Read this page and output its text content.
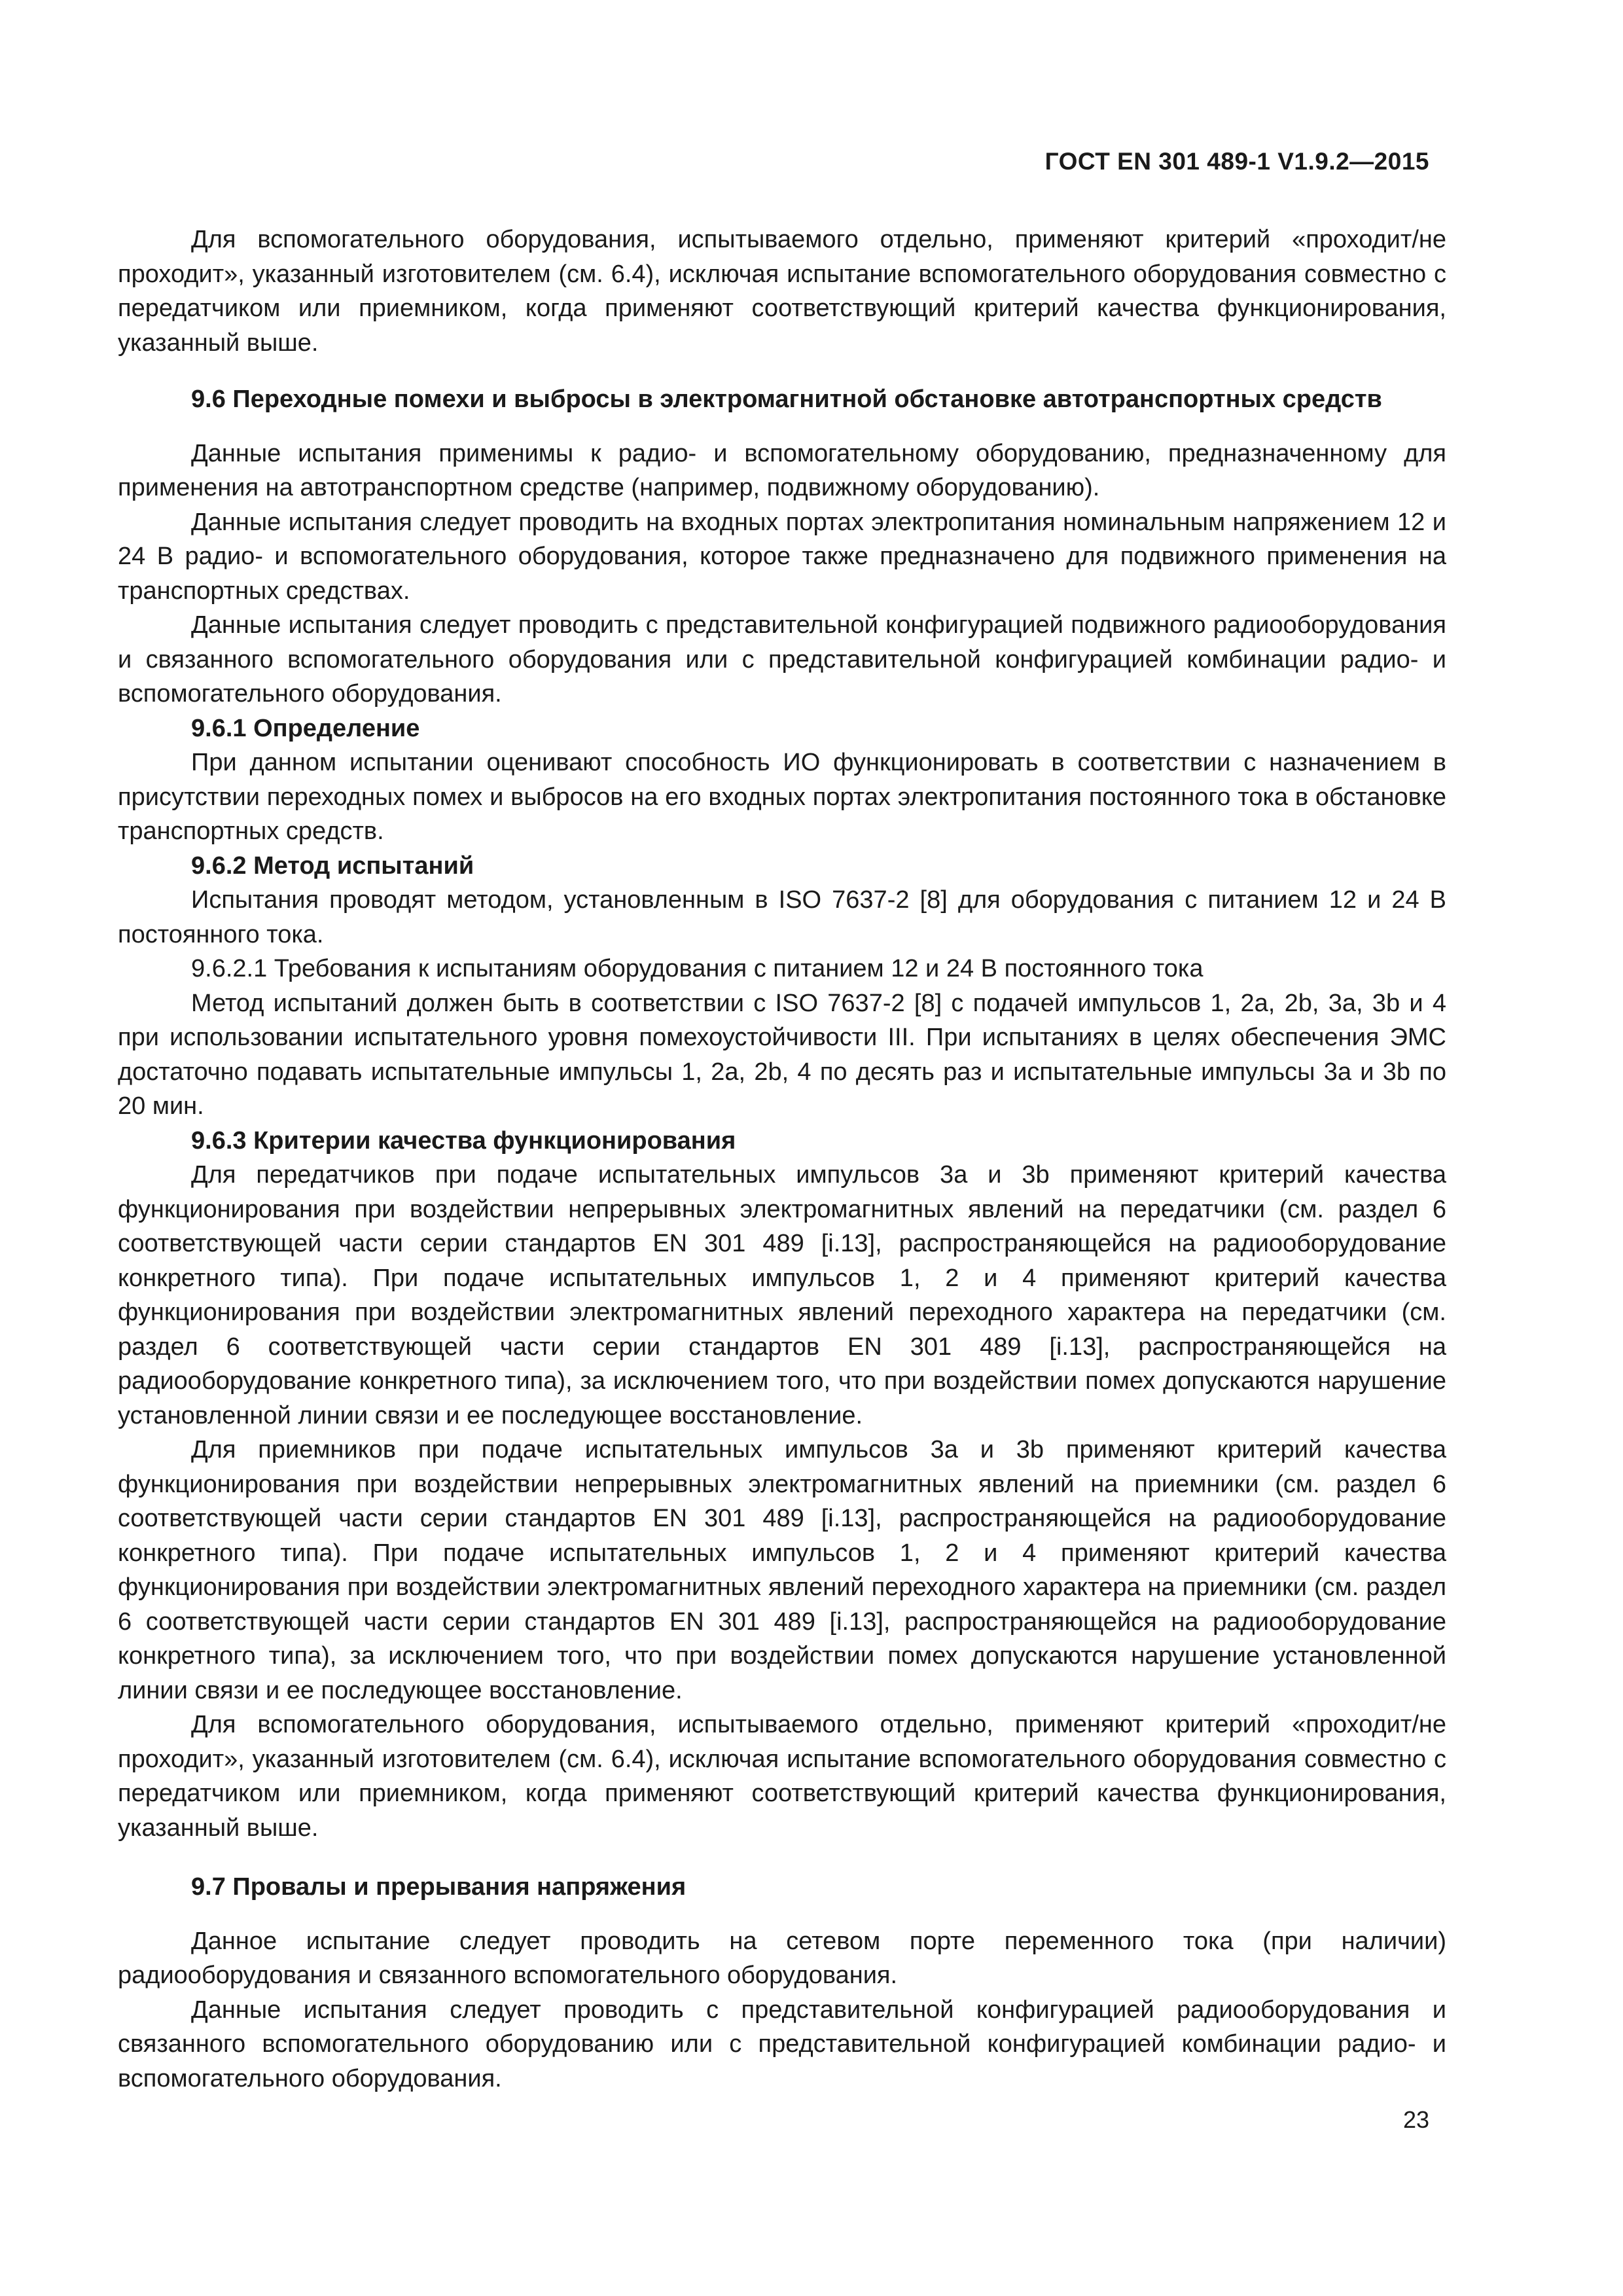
ГОСТ EN 301 489-1 V1.9.2—2015

Для вспомогательного оборудования, испытываемого отдельно, применяют критерий «проходит/не проходит», указанный изготовителем (см. 6.4), исключая испытание вспомогательного оборудования совместно с передатчиком или приемником, когда применяют соответствующий критерий качества функционирования, указанный выше.

9.6 Переходные помехи и выбросы в электромагнитной обстановке автотранспортных средств

Данные испытания применимы к радио- и вспомогательному оборудованию, предназначенному для применения на автотранспортном средстве (например, подвижному оборудованию).

Данные испытания следует проводить на входных портах электропитания номинальным напряжением 12 и 24 В радио- и вспомогательного оборудования, которое также предназначено для подвижного применения на транспортных средствах.

Данные испытания следует проводить с представительной конфигурацией подвижного радиооборудования и связанного вспомогательного оборудования или с представительной конфигурацией комбинации радио- и вспомогательного оборудования.

9.6.1 Определение

При данном испытании оценивают способность ИО функционировать в соответствии с назначением в присутствии переходных помех и выбросов на его входных портах электропитания постоянного тока в обстановке транспортных средств.

9.6.2 Метод испытаний

Испытания проводят методом, установленным в ISO 7637-2 [8] для оборудования с питанием 12 и 24 В постоянного тока.

9.6.2.1 Требования к испытаниям оборудования с питанием 12 и 24 В постоянного тока

Метод испытаний должен быть в соответствии с ISO 7637-2 [8] с подачей импульсов 1, 2a, 2b, 3a, 3b и 4 при использовании испытательного уровня помехоустойчивости III. При испытаниях в целях обеспечения ЭМС достаточно подавать испытательные импульсы 1, 2a, 2b, 4 по десять раз и испытательные импульсы 3a и 3b по 20 мин.

9.6.3 Критерии качества функционирования

Для передатчиков при подаче испытательных импульсов 3a и 3b применяют критерий качества функционирования при воздействии непрерывных электромагнитных явлений на передатчики (см. раздел 6 соответствующей части серии стандартов EN 301 489 [i.13], распространяющейся на радиооборудование конкретного типа). При подаче испытательных импульсов 1, 2 и 4 применяют критерий качества функционирования при воздействии электромагнитных явлений переходного характера на передатчики (см. раздел 6 соответствующей части серии стандартов EN 301 489 [i.13], распространяющейся на радиооборудование конкретного типа), за исключением того, что при воздействии помех допускаются нарушение установленной линии связи и ее последующее восстановление.

Для приемников при подаче испытательных импульсов 3a и 3b применяют критерий качества функционирования при воздействии непрерывных электромагнитных явлений на приемники (см. раздел 6 соответствующей части серии стандартов EN 301 489 [i.13], распространяющейся на радиооборудование конкретного типа). При подаче испытательных импульсов 1, 2 и 4 применяют критерий качества функционирования при воздействии электромагнитных явлений переходного характера на приемники (см. раздел 6 соответствующей части серии стандартов EN 301 489 [i.13], распространяющейся на радиооборудование конкретного типа), за исключением того, что при воздействии помех допускаются нарушение установленной линии связи и ее последующее восстановление.

Для вспомогательного оборудования, испытываемого отдельно, применяют критерий «проходит/не проходит», указанный изготовителем (см. 6.4), исключая испытание вспомогательного оборудования совместно с передатчиком или приемником, когда применяют соответствующий критерий качества функционирования, указанный выше.

9.7 Провалы и прерывания напряжения

Данное испытание следует проводить на сетевом порте переменного тока (при наличии) радиооборудования и связанного вспомогательного оборудования.

Данные испытания следует проводить с представительной конфигурацией радиооборудования и связанного вспомогательного оборудованию или с представительной конфигурацией комбинации радио- и вспомогательного оборудования.

23
